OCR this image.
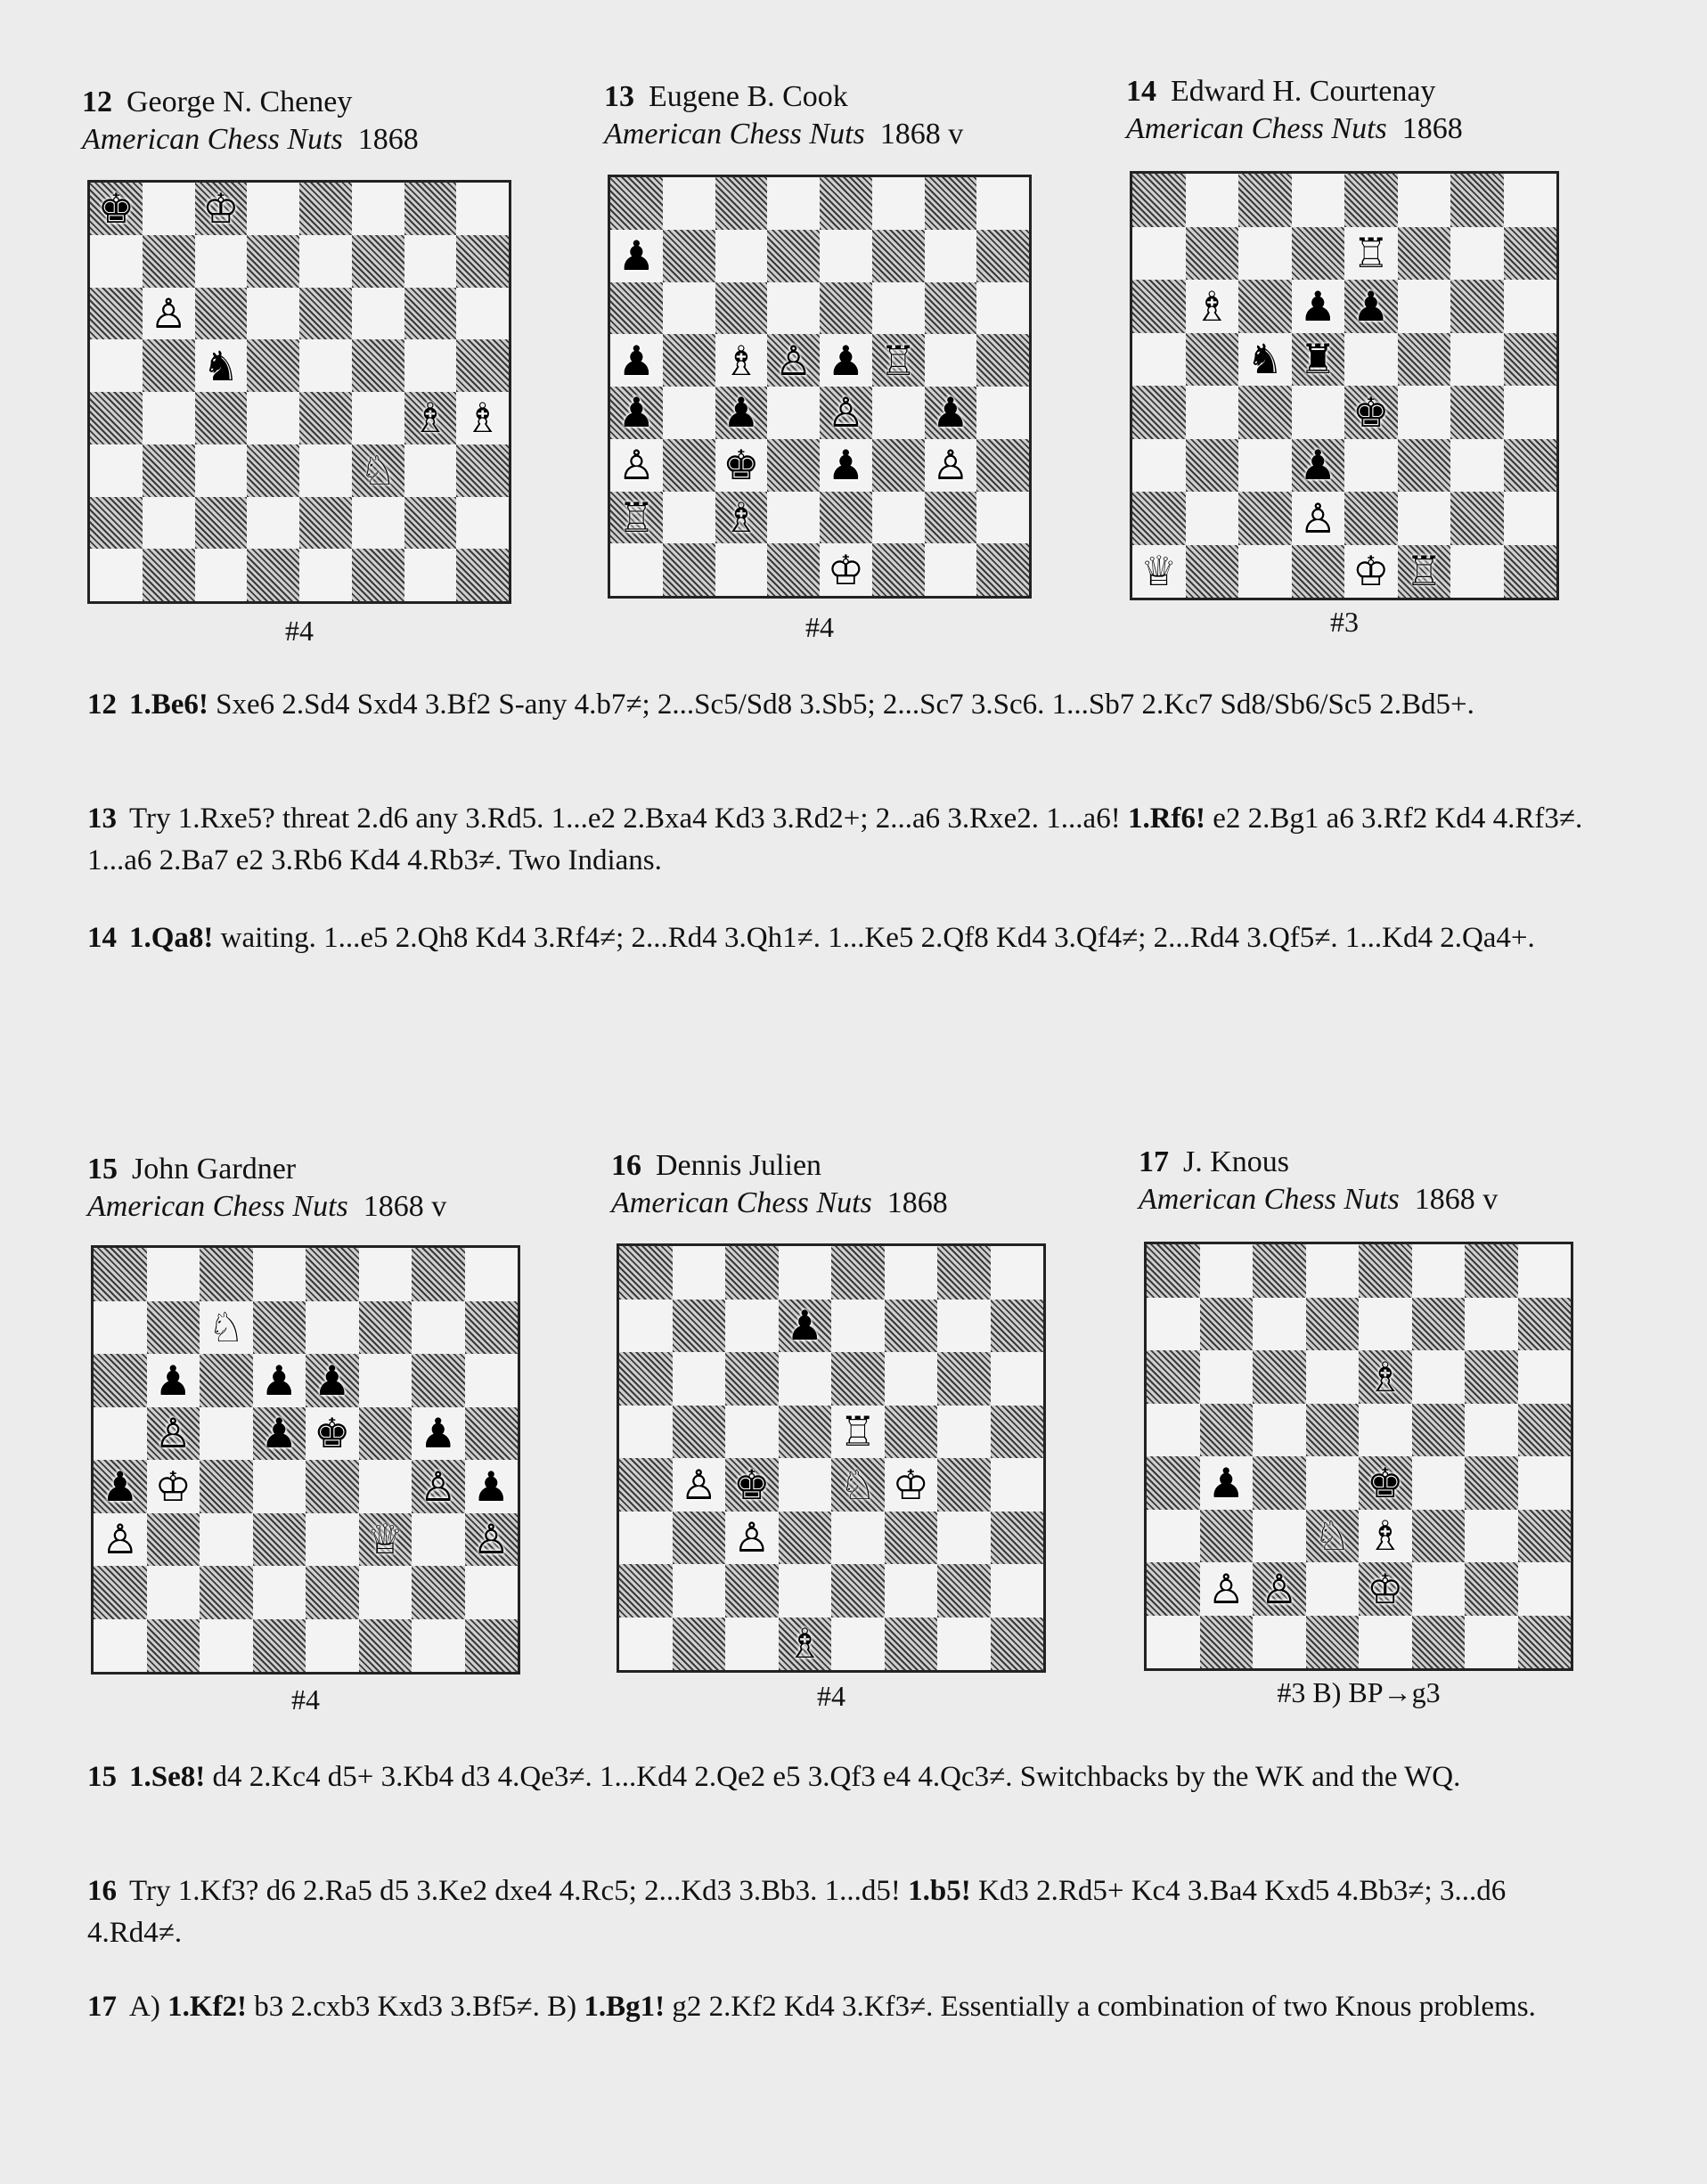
12 George N. Cheney
American Chess Nuts 1868
♚ ♔
♙
♞
♗ ♗
♘
#4
13 Eugene B. Cook
American Chess Nuts 1868 v
♟
♟ ♗ ♙ ♟ ♖
♟ ♟ ♙ ♟
♙ ♚ ♟ ♙
♖ ♗
♔
#4
14 Edward H. Courtenay
American Chess Nuts 1868
♖
♗ ♟ ♟
♞ ♜
♚
♟
♙
♕	♔ ♖
#3
15 John Gardner
American Chess Nuts 1868 v
♘
♟ ♟ ♟
♙ ♟ ♚ ♟
♟ ♔	♙ ♟
♙	♕ ♙
#4
16 Dennis Julien
American Chess Nuts 1868
♟
♖
♙ ♚ ♘ ♔
♙
♗
#4
17 J. Knous
American Chess Nuts 1868 v
♗
♟	♚
♘ ♗
♙ ♙ ♔
#3 B) BP→g3
12 1.Be6! Sxe6 2.Sd4 Sxd4 3.Bf2 S-any 4.b7≠; 2...Sc5/Sd8 3.Sb5; 2...Sc7 3.Sc6. 1...Sb7 2.Kc7 Sd8/Sb6/Sc5 2.Bd5+.
13 Try 1.Rxe5? threat 2.d6 any 3.Rd5. 1...e2 2.Bxa4 Kd3 3.Rd2+; 2...a6 3.Rxe2. 1...a6! 1.Rf6! e2 2.Bg1 a6 3.Rf2 Kd4 4.Rf3≠. 1...a6 2.Ba7 e2 3.Rb6 Kd4 4.Rb3≠. Two Indians.
14 1.Qa8! waiting. 1...e5 2.Qh8 Kd4 3.Rf4≠; 2...Rd4 3.Qh1≠. 1...Ke5 2.Qf8 Kd4 3.Qf4≠; 2...Rd4 3.Qf5≠. 1...Kd4 2.Qa4+.
15 1.Se8! d4 2.Kc4 d5+ 3.Kb4 d3 4.Qe3≠. 1...Kd4 2.Qe2 e5 3.Qf3 e4 4.Qc3≠. Switchbacks by the WK and the WQ.
16 Try 1.Kf3? d6 2.Ra5 d5 3.Ke2 dxe4 4.Rc5; 2...Kd3 3.Bb3. 1...d5! 1.b5! Kd3 2.Rd5+ Kc4 3.Ba4 Kxd5 4.Bb3≠; 3...d6 4.Rd4≠.
17 A) 1.Kf2! b3 2.cxb3 Kxd3 3.Bf5≠. B) 1.Bg1! g2 2.Kf2 Kd4 3.Kf3≠. Essentially a combination of two Knous problems.
